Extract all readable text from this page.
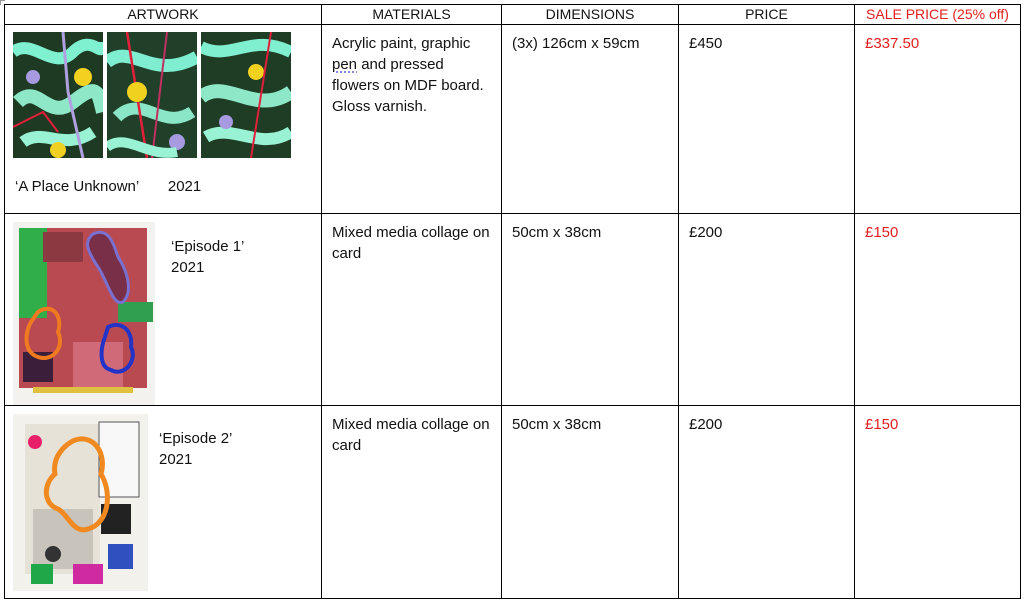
ARTWORK	MATERIALS	DIMENSIONS	PRICE	SALE PRICE (25% off)

‘A Place Unknown’ 2021	Acrylic paint, graphic pen and pressed flowers on MDF board. Gloss varnish.	(3x) 126cm x 59cm	£450	£337.50

‘Episode 1’
2021	Mixed media collage on card	50cm x 38cm	£200	£150

‘Episode 2’
2021	Mixed media collage on card	50cm x 38cm	£200	£150
